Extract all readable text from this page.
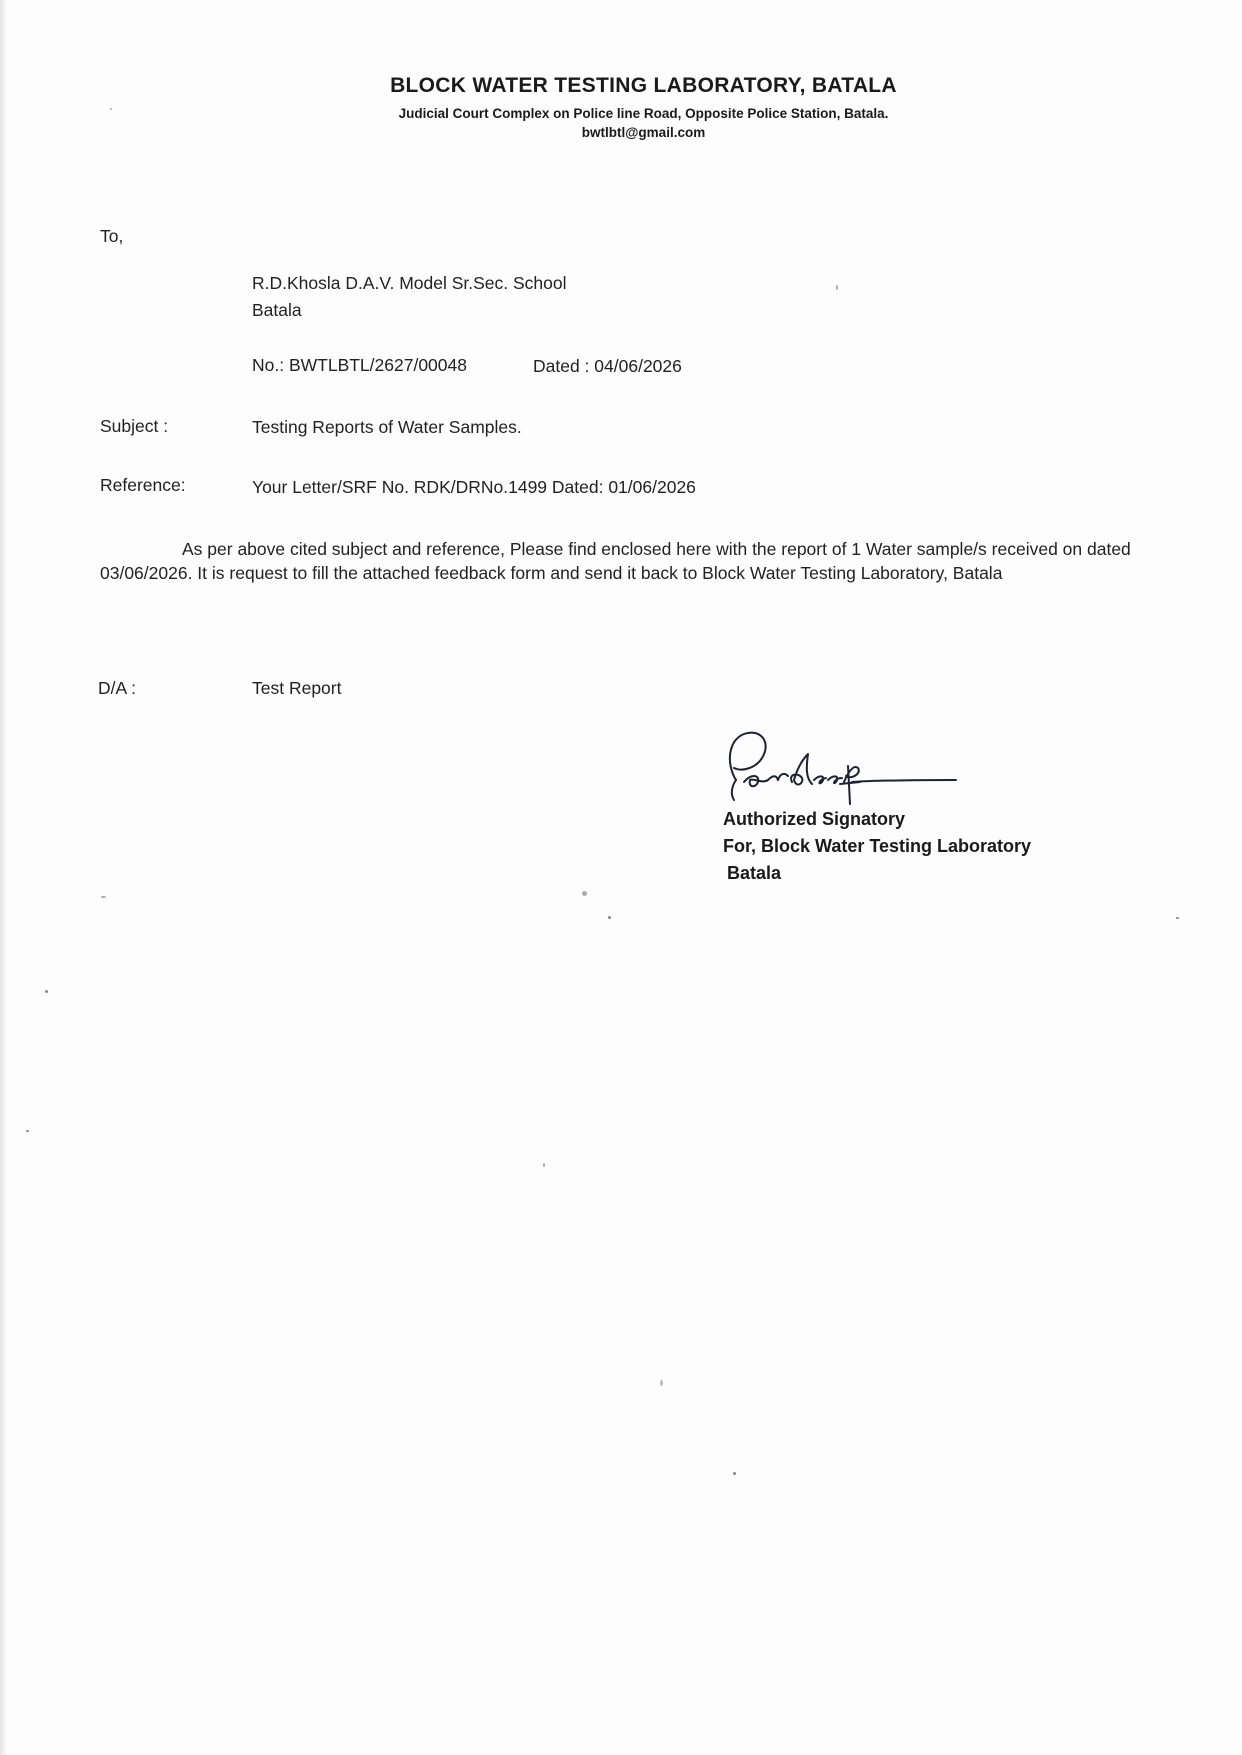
BLOCK WATER TESTING LABORATORY, BATALA
Judicial Court Complex on Police line Road, Opposite Police Station, Batala.
bwtlbtl@gmail.com
To,
R.D.Khosla D.A.V. Model Sr.Sec. School
Batala
No.: BWTLBTL/2627/00048	Dated : 04/06/2026
Subject :	Testing Reports of Water Samples.
Reference:	Your Letter/SRF No. RDK/DRNo.1499 Dated: 01/06/2026
As per above cited subject and reference, Please find enclosed here with the report of 1 Water sample/s received on dated 03/06/2026. It is request to fill the attached feedback form and send it back to Block Water Testing Laboratory, Batala
D/A :	Test Report
Authorized Signatory
For, Block Water Testing Laboratory
Batala
